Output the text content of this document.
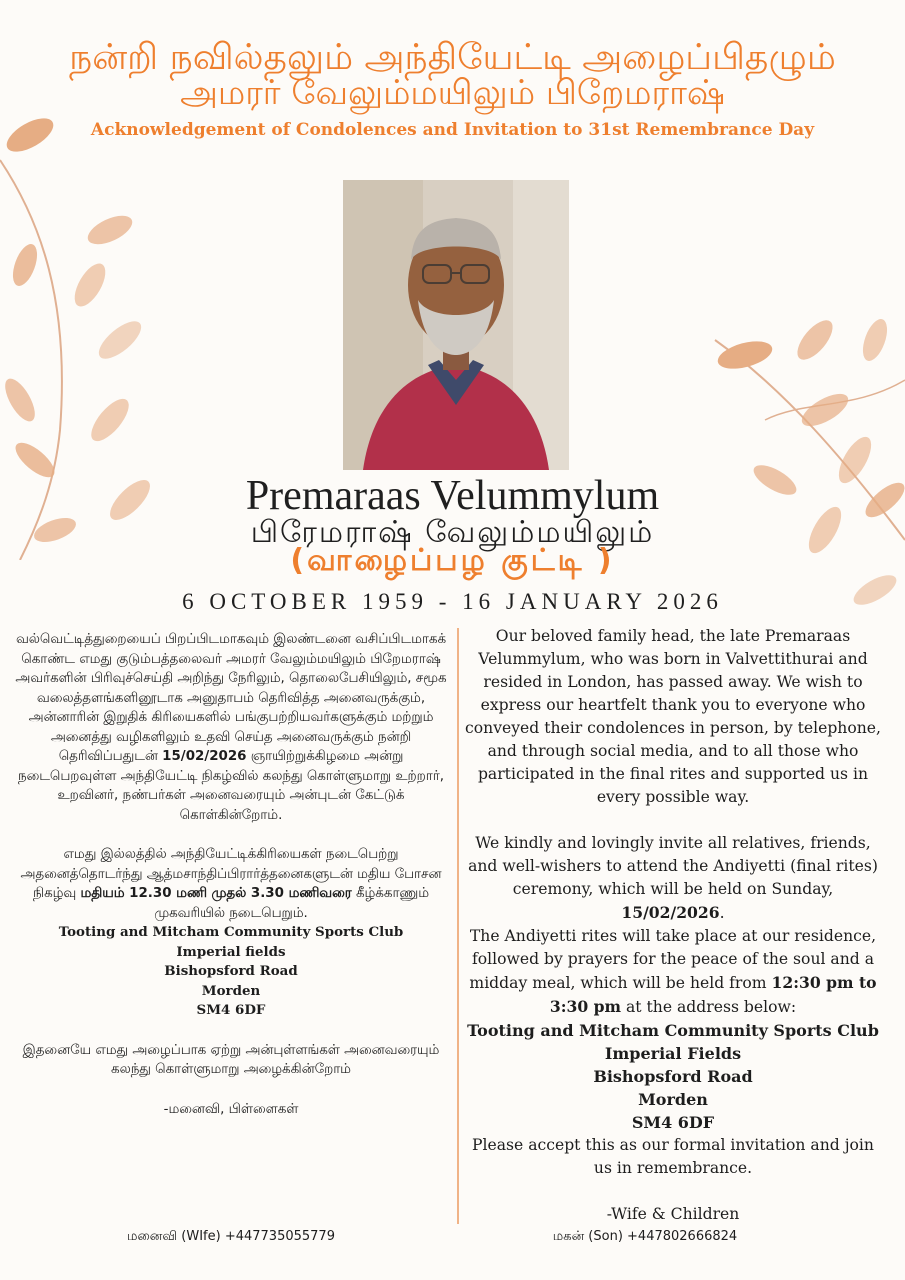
நன்றி நவில்தலும் அந்தியேட்டி அழைப்பிதழும்
அமரர் வேலும்மயிலும் பிறேமராஷ்
Acknowledgement of Condolences and Invitation to 31st Remembrance Day
Premaraas Velummylum
பிரேமராஷ் வேலும்மயிலும்
(வாழைப்பழ குட்டி )
6 OCTOBER 1959 - 16 JANUARY 2026

வல்வெட்டித்துறையைப் பிறப்பிடமாகவும் இலண்டனை வசிப்பிடமாகக் கொண்ட எமது குடும்பத்தலைவர் அமரர் வேலும்மயிலும் பிறேமராஷ் அவர்களின் பிரிவுச்செய்தி அறிந்து நேரிலும், தொலைபேசியிலும், சமூக வலைத்தளங்களினூடாக அனுதாபம் தெரிவித்த அனைவருக்கும், அன்னாரின் இறுதிக் கிரியைகளில் பங்குபற்றியவர்களுக்கும் மற்றும் அனைத்து வழிகளிலும் உதவி செய்த அனைவருக்கும் நன்றி தெரிவிப்பதுடன் 15/02/2026 ஞாயிற்றுக்கிழமை அன்று நடைபெறவுள்ள அந்தியேட்டி நிகழ்வில் கலந்து கொள்ளுமாறு உற்றார், உறவினர், நண்பர்கள் அனைவரையும் அன்புடன் கேட்டுக் கொள்கின்றோம்.

எமது இல்லத்தில் அந்தியேட்டிக்கிரியைகள் நடைபெற்று அதனைத்தொடர்ந்து ஆத்மசாந்திப்பிரார்த்தனைகளுடன் மதிய போசன நிகழ்வு மதியம் 12.30 மணி முதல் 3.30 மணிவரை கீழ்க்காணும் முகவரியில் நடைபெறும்.

Tooting and Mitcham Community Sports Club
Imperial fields
Bishopsford Road
Morden
SM4 6DF

இதனையே எமது அழைப்பாக ஏற்று அன்புள்ளங்கள் அனைவரையும் கலந்து கொள்ளுமாறு அழைக்கின்றோம்

-மனைவி, பிள்ளைகள்

Our beloved family head, the late Premaraas Velummylum, who was born in Valvettithurai and resided in London, has passed away. We wish to express our heartfelt thank you to everyone who conveyed their condolences in person, by telephone, and through social media, and to all those who participated in the final rites and supported us in every possible way.

We kindly and lovingly invite all relatives, friends, and well-wishers to attend the Andiyetti (final rites) ceremony, which will be held on Sunday, 15/02/2026.

The Andiyetti rites will take place at our residence, followed by prayers for the peace of the soul and a midday meal, which will be held from 12:30 pm to 3:30 pm at the address below:

Tooting and Mitcham Community Sports Club
Imperial Fields
Bishopsford Road
Morden
SM4 6DF

Please accept this as our formal invitation and join us in remembrance.

-Wife & Children

மனைவி (WIfe) +447735055779	மகன் (Son) +447802666824
